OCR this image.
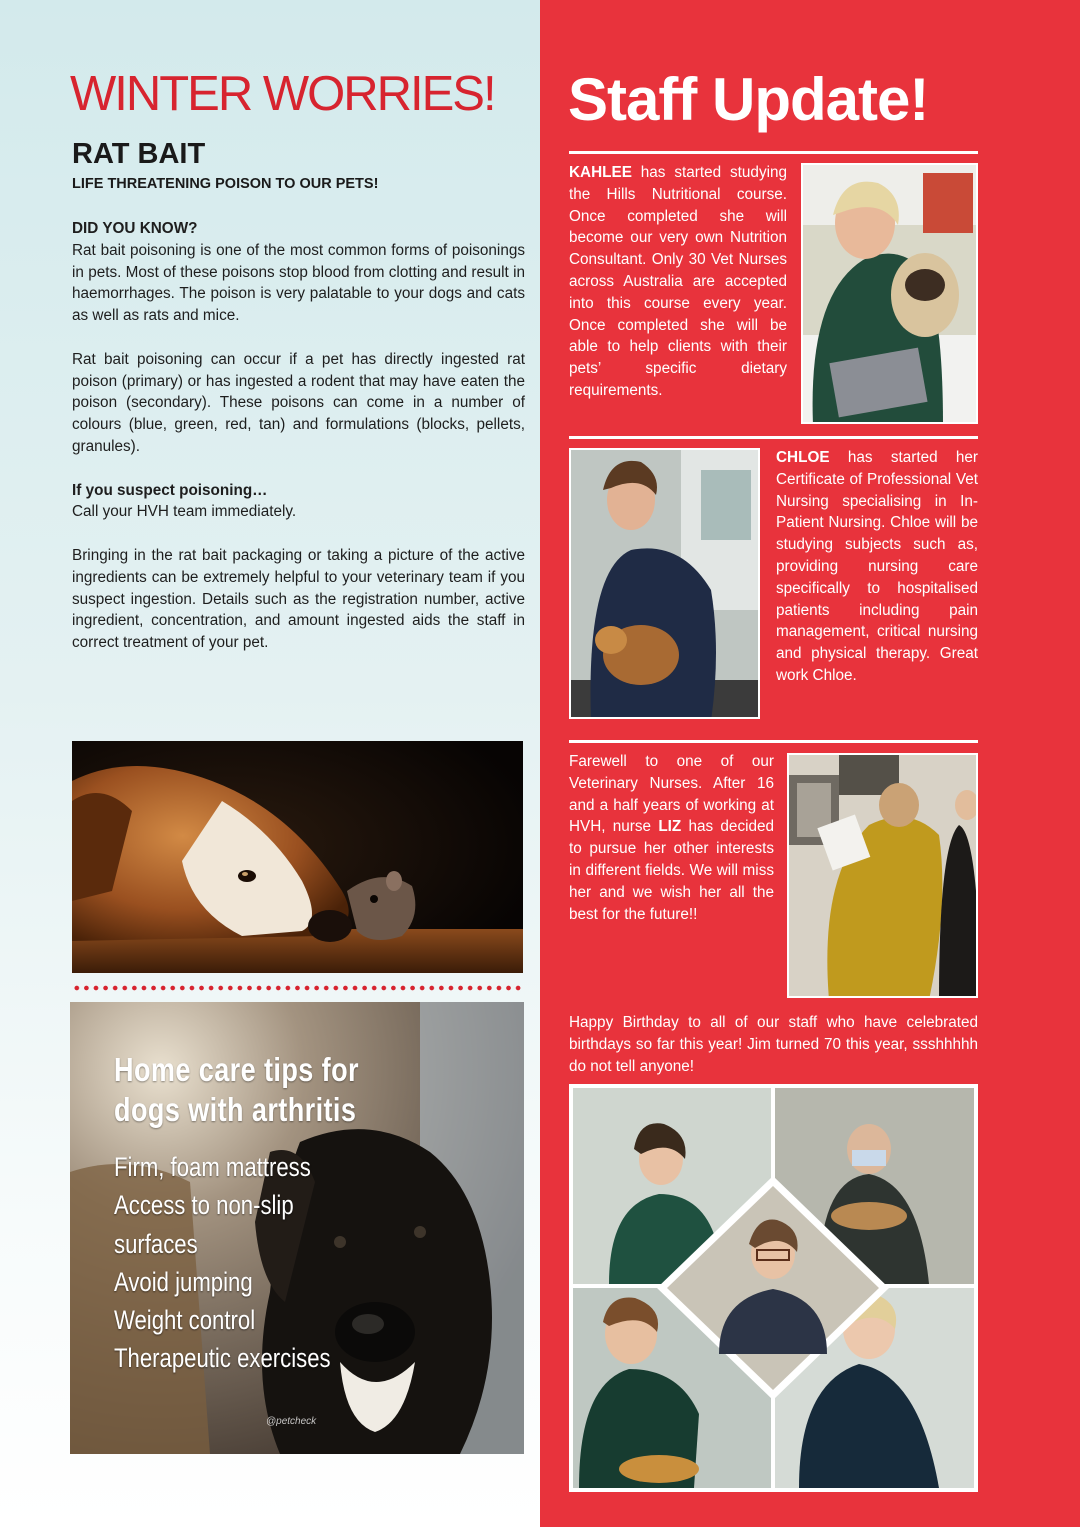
WINTER WORRIES!
RAT BAIT
LIFE THREATENING POISON TO OUR PETS!

DID YOU KNOW?
Rat bait poisoning is one of the most common forms of poisonings in pets. Most of these poisons stop blood from clotting and result in haemorrhages. The poison is very palatable to your dogs and cats as well as rats and mice.

Rat bait poisoning can occur if a pet has directly ingested rat poison (primary) or has ingested a rodent that may have eaten the poison (secondary). These poisons can come in a number of colours (blue, green, red, tan) and formulations (blocks, pellets, granules).

If you suspect poisoning…
Call your HVH team immediately.

Bringing in the rat bait packaging or taking a picture of the active ingredients can be extremely helpful to your veterinary team if you suspect ingestion. Details such as the registration number, active ingredient, concentration, and amount ingested aids the staff in correct treatment of your pet.

Home care tips for
dogs with arthritis
Firm, foam mattress
Access to non-slip
surfaces
Avoid jumping
Weight control
Therapeutic exercises
@petcheck
Staff Update!
KAHLEE has started studying the Hills Nutritional course. Once completed she will become our very own Nutrition Consultant. Only 30 Vet Nurses across Australia are accepted into this course every year. Once completed she will be able to help clients with their pets’ specific dietary requirements.
CHLOE has started her Certificate of Professional Vet Nursing specialising in In-Patient Nursing. Chloe will be studying subjects such as, providing nursing care specifically to hospitalised patients including pain management, critical nursing and physical therapy. Great work Chloe.
Farewell to one of our Veterinary Nurses. After 16 and a half years of working at HVH, nurse LIZ has decided to pursue her other interests in different fields. We will miss her and we wish her all the best for the future!!
Happy Birthday to all of our staff who have celebrated birthdays so far this year! Jim turned 70 this year, ssshhhhh do not tell anyone!
